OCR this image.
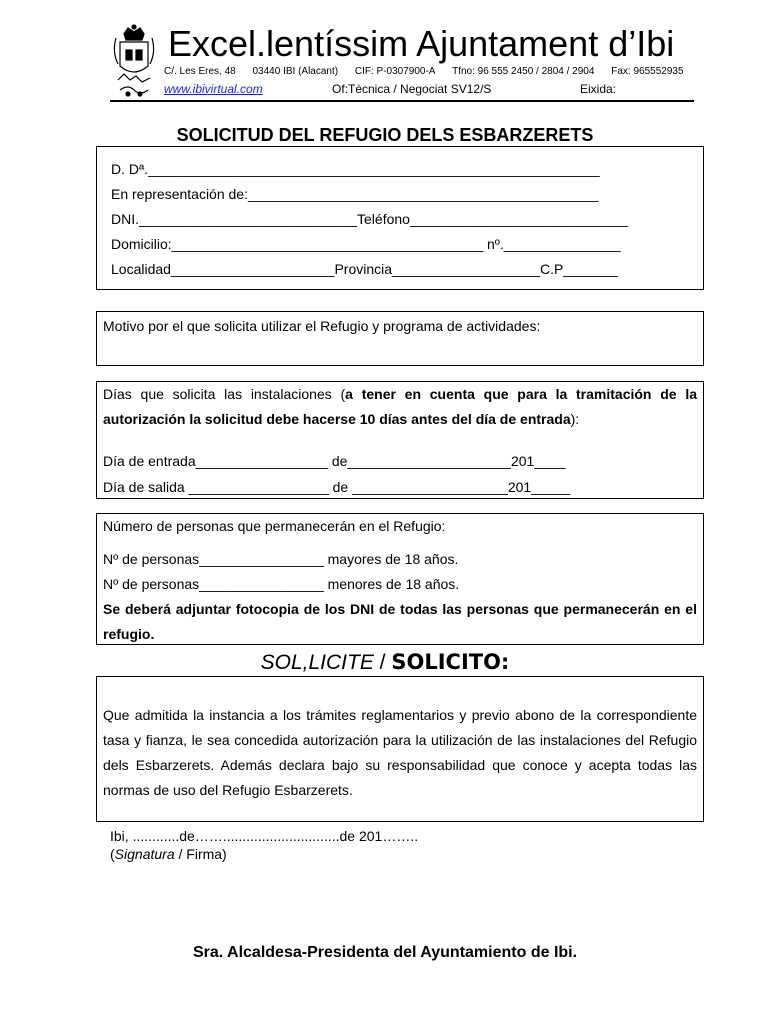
Excel.lentíssim Ajuntament d’Ibi
C/. Les Eres, 48 03440 IBI (Alacant) CIF: P-0307900-A Tfno: 96 555 2450 / 2804 / 2904 Fax: 965552935
www.ibivirtual.com	Of:Tècnica / Negociat SV12/S	Eixida:
SOLICITUD DEL REFUGIO DELS ESBARZERETS
D. Dª.__________________________________________________________
En representación de:_____________________________________________
DNI.____________________________Teléfono____________________________
Domicilio:________________________________________ nº._______________
Localidad_____________________Provincia___________________C.P_______
Motivo por el que solicita utilizar el Refugio y programa de actividades:
Días que solicita las instalaciones (a tener en cuenta que para la tramitación de la autorización la solicitud debe hacerse 10 días antes del día de entrada):
Día de entrada_________________ de_____________________201____
Día de salida __________________ de ____________________201_____
Número de personas que permanecerán en el Refugio:
Nº de personas________________ mayores de 18 años.
Nº de personas________________ menores de 18 años.
Se deberá adjuntar fotocopia de los DNI de todas las personas que permanecerán en el refugio.
SOL,LICITE / SOLICITO:
Que admitida la instancia a los trámites reglamentarios y previo abono de la correspondiente tasa y fianza, le sea concedida autorización para la utilización de las instalaciones del Refugio dels Esbarzerets. Además declara bajo su responsabilidad que conoce y acepta todas las normas de uso del Refugio Esbarzerets.
Ibi, ............de……..............................de 201……..
(Signatura / Firma)
Sra. Alcaldesa-Presidenta del Ayuntamiento de Ibi.
